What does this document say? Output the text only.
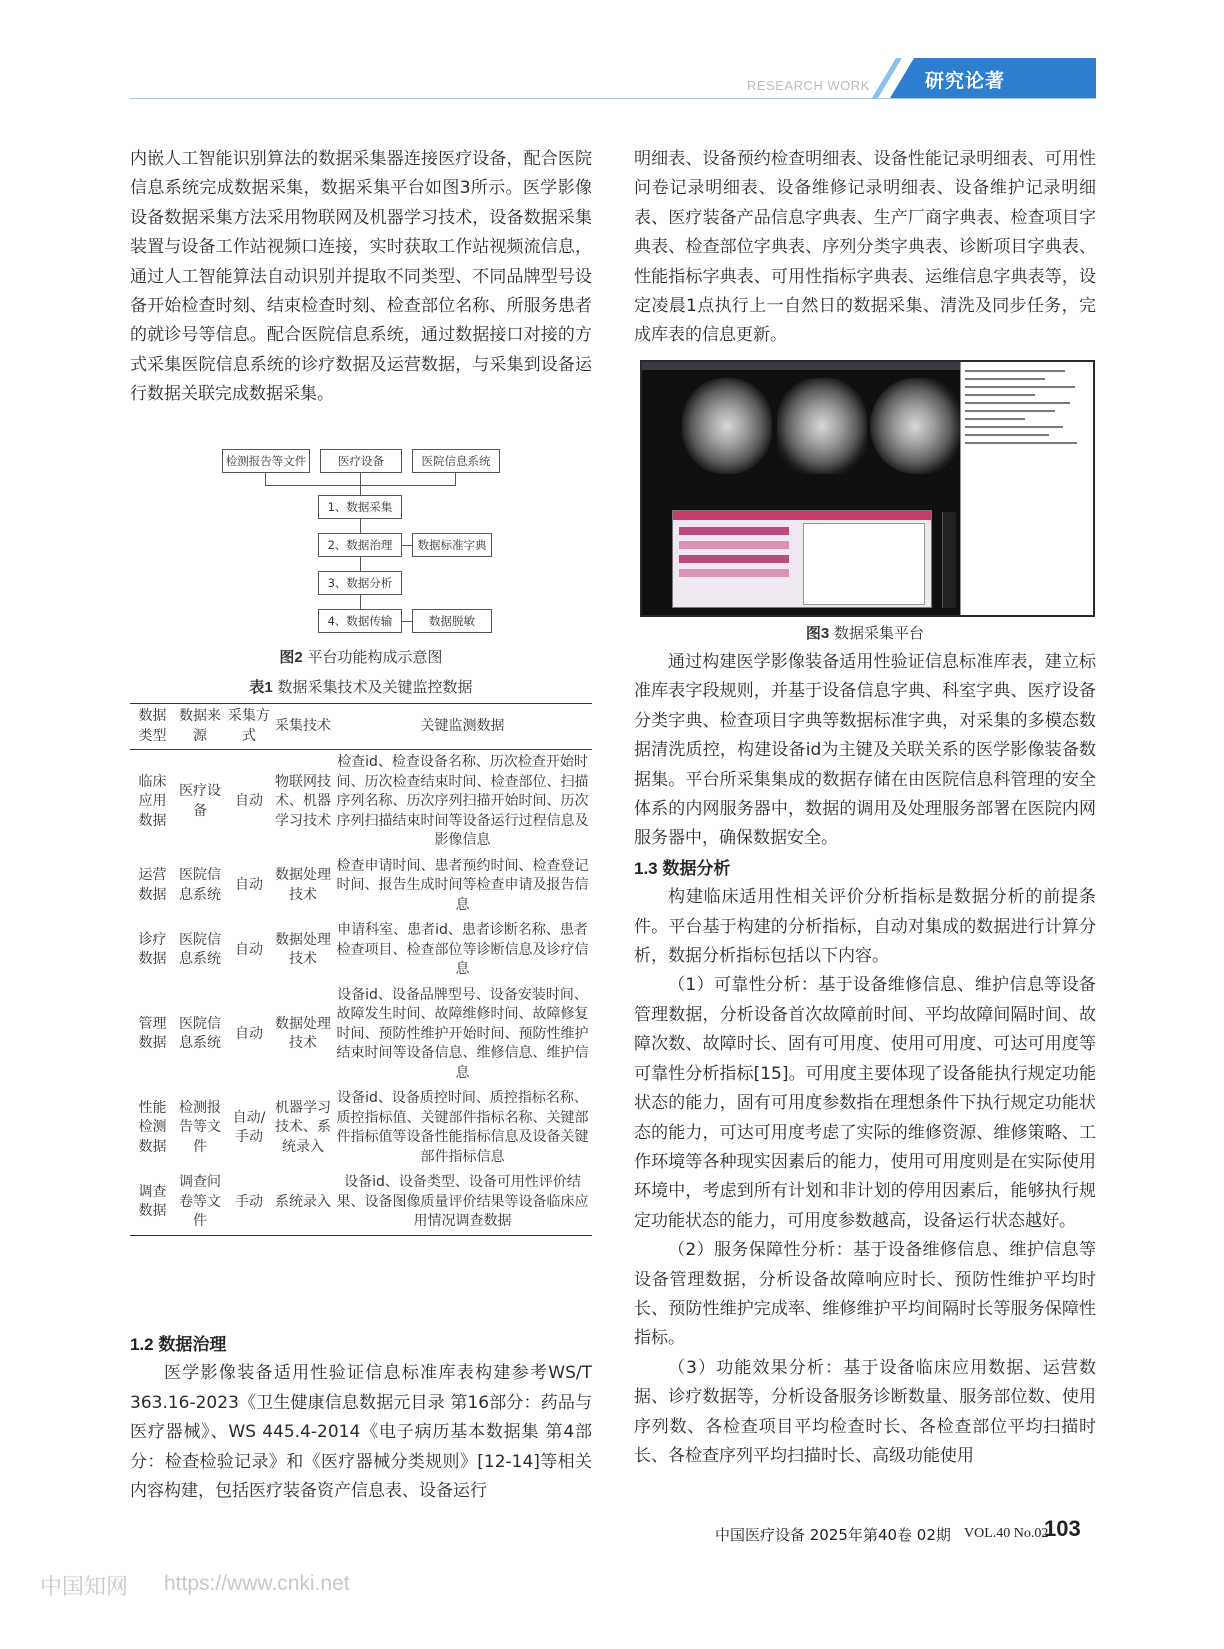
RESEARCH WORK	研究论著

内嵌人工智能识别算法的数据采集器连接医疗设备，配合医院信息系统完成数据采集，数据采集平台如图3所示。医学影像设备数据采集方法采用物联网及机器学习技术，设备数据采集装置与设备工作站视频口连接，实时获取工作站视频流信息，通过人工智能算法自动识别并提取不同类型、不同品牌型号设备开始检查时刻、结束检查时刻、检查部位名称、所服务患者的就诊号等信息。配合医院信息系统，通过数据接口对接的方式采集医院信息系统的诊疗数据及运营数据，与采集到设备运行数据关联完成数据采集。

检测报告等文件	医疗设备	医院信息系统
1、数据采集
2、数据治理	数据标准字典
3、数据分析
4、数据传输	数据脱敏
图2 平台功能构成示意图
表1 数据采集技术及关键监控数据
数据类型	数据来源	采集方式	采集技术	关键监测数据
临床应用数据	医疗设备	自动	物联网技术、机器学习技术	检查id、检查设备名称、历次检查开始时间、历次检查结束时间、检查部位、扫描序列名称、历次序列扫描开始时间、历次序列扫描结束时间等设备运行过程信息及影像信息
运营数据	医院信息系统	自动	数据处理技术	检查申请时间、患者预约时间、检查登记时间、报告生成时间等检查申请及报告信息
诊疗数据	医院信息系统	自动	数据处理技术	申请科室、患者id、患者诊断名称、患者检查项目、检查部位等诊断信息及诊疗信息
管理数据	医院信息系统	自动	数据处理技术	设备id、设备品牌型号、设备安装时间、故障发生时间、故障维修时间、故障修复时间、预防性维护开始时间、预防性维护结束时间等设备信息、维修信息、维护信息
性能检测数据	检测报告等文件	自动/手动	机器学习技术、系统录入	设备id、设备质控时间、质控指标名称、质控指标值、关键部件指标名称、关键部件指标值等设备性能指标信息及设备关键部件指标信息
调查数据	调查问卷等文件	手动	系统录入	设备id、设备类型、设备可用性评价结果、设备图像质量评价结果等设备临床应用情况调查数据

1.2 数据治理

医学影像装备适用性验证信息标准库表构建参考WS/T 363.16-2023《卫生健康信息数据元目录 第16部分：药品与医疗器械》、WS 445.4-2014《电子病历基本数据集 第4部分：检查检验记录》和《医疗器械分类规则》[12-14]等相关内容构建，包括医疗装备资产信息表、设备运行

明细表、设备预约检查明细表、设备性能记录明细表、可用性问卷记录明细表、设备维修记录明细表、设备维护记录明细表、医疗装备产品信息字典表、生产厂商字典表、检查项目字典表、检查部位字典表、序列分类字典表、诊断项目字典表、性能指标字典表、可用性指标字典表、运维信息字典表等，设定凌晨1点执行上一自然日的数据采集、清洗及同步任务，完成库表的信息更新。

图3 数据采集平台

通过构建医学影像装备适用性验证信息标准库表，建立标准库表字段规则，并基于设备信息字典、科室字典、医疗设备分类字典、检查项目字典等数据标准字典，对采集的多模态数据清洗质控，构建设备id为主键及关联关系的医学影像装备数据集。平台所采集集成的数据存储在由医院信息科管理的安全体系的内网服务器中，数据的调用及处理服务部署在医院内网服务器中，确保数据安全。

1.3 数据分析

构建临床适用性相关评价分析指标是数据分析的前提条件。平台基于构建的分析指标，自动对集成的数据进行计算分析，数据分析指标包括以下内容。

（1）可靠性分析：基于设备维修信息、维护信息等设备管理数据，分析设备首次故障前时间、平均故障间隔时间、故障次数、故障时长、固有可用度、使用可用度、可达可用度等可靠性分析指标[15]。可用度主要体现了设备能执行规定功能状态的能力，固有可用度参数指在理想条件下执行规定功能状态的能力，可达可用度考虑了实际的维修资源、维修策略、工作环境等各种现实因素后的能力，使用可用度则是在实际使用环境中，考虑到所有计划和非计划的停用因素后，能够执行规定功能状态的能力，可用度参数越高，设备运行状态越好。

（2）服务保障性分析：基于设备维修信息、维护信息等设备管理数据，分析设备故障响应时长、预防性维护平均时长、预防性维护完成率、维修维护平均间隔时长等服务保障性指标。

（3）功能效果分析：基于设备临床应用数据、运营数据、诊疗数据等，分析设备服务诊断数量、服务部位数、使用序列数、各检查项目平均检查时长、各检查部位平均扫描时长、各检查序列平均扫描时长、高级功能使用

中国医疗设备 2025年第40卷 02期 VOL.40 No.02
103
中国知网 https://www.cnki.net
